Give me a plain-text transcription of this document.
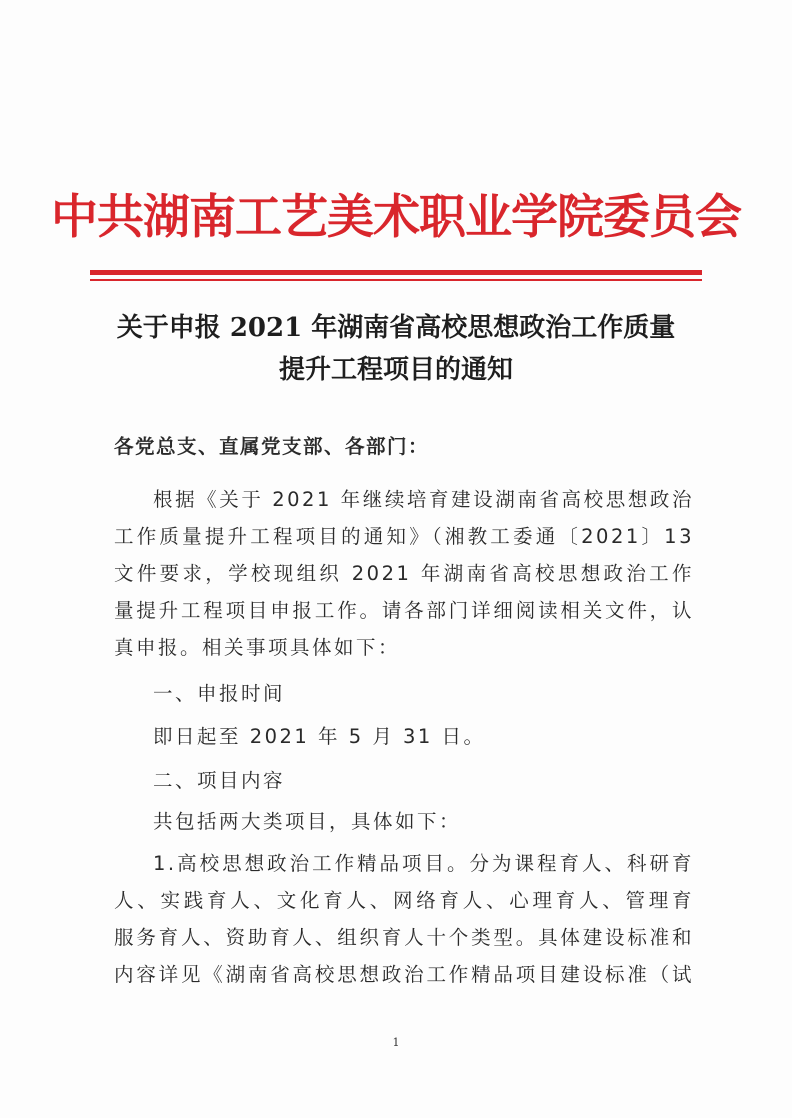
中共湖南工艺美术职业学院委员会
关于申报 2021 年湖南省高校思想政治工作质量
提升工程项目的通知
各党总支、直属党支部、各部门：
根据《关于 2021 年继续培育建设湖南省高校思想政治
工作质量提升工程项目的通知》（湘教工委通〔2021〕13
文件要求，学校现组织 2021 年湖南省高校思想政治工作
量提升工程项目申报工作。请各部门详细阅读相关文件，认
真申报。相关事项具体如下：
一、申报时间
即日起至 2021 年 5 月 31 日。
二、项目内容
共包括两大类项目，具体如下：
1.高校思想政治工作精品项目。分为课程育人、科研育
人、实践育人、文化育人、网络育人、心理育人、管理育
服务育人、资助育人、组织育人十个类型。具体建设标准和
内容详见《湖南省高校思想政治工作精品项目建设标准（试
1
